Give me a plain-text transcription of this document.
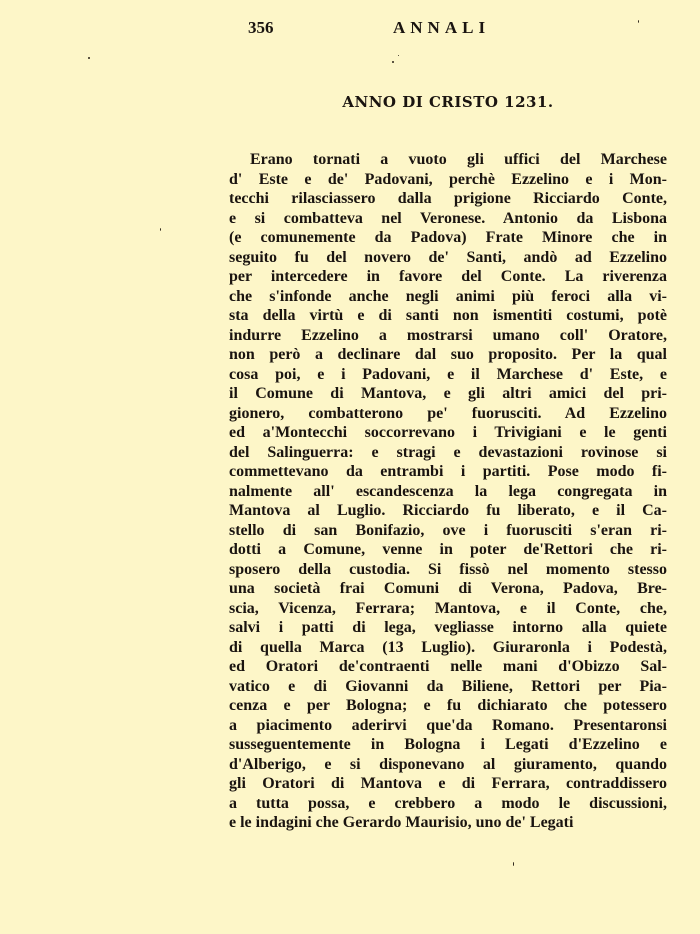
356	ANNALI
ANNO DI CRISTO 1231.
Erano tornati a vuoto gli uffici del Marchese
d' Este e de' Padovani, perchè Ezzelino e i Mon-
tecchi rilasciassero dalla prigione Ricciardo Conte,
e si combatteva nel Veronese. Antonio da Lisbona
(e comunemente da Padova) Frate Minore che in
seguito fu del novero de' Santi, andò ad Ezzelino
per intercedere in favore del Conte. La riverenza
che s'infonde anche negli animi più feroci alla vi-
sta della virtù e di santi non ismentiti costumi, potè
indurre Ezzelino a mostrarsi umano coll' Oratore,
non però a declinare dal suo proposito. Per la qual
cosa poi, e i Padovani, e il Marchese d' Este, e
il Comune di Mantova, e gli altri amici del pri-
gionero, combatterono pe' fuorusciti. Ad Ezzelino
ed a'Montecchi soccorrevano i Trivigiani e le genti
del Salinguerra: e stragi e devastazioni rovinose si
commettevano da entrambi i partiti. Pose modo fi-
nalmente all' escandescenza la lega congregata in
Mantova al Luglio. Ricciardo fu liberato, e il Ca-
stello di san Bonifazio, ove i fuorusciti s'eran ri-
dotti a Comune, venne in poter de'Rettori che ri-
sposero della custodia. Si fissò nel momento stesso
una società frai Comuni di Verona, Padova, Bre-
scia, Vicenza, Ferrara; Mantova, e il Conte, che,
salvi i patti di lega, vegliasse intorno alla quiete
di quella Marca (13 Luglio). Giuraronla i Podestà,
ed Oratori de'contraenti nelle mani d'Obizzo Sal-
vatico e di Giovanni da Biliene, Rettori per Pia-
cenza e per Bologna; e fu dichiarato che potessero
a piacimento aderirvi que'da Romano. Presentaronsi
susseguentemente in Bologna i Legati d'Ezzelino e
d'Alberigo, e si disponevano al giuramento, quando
gli Oratori di Mantova e di Ferrara, contraddissero
a tutta possa, e crebbero a modo le discussioni,
e le indagini che Gerardo Maurisio, uno de' Legati
